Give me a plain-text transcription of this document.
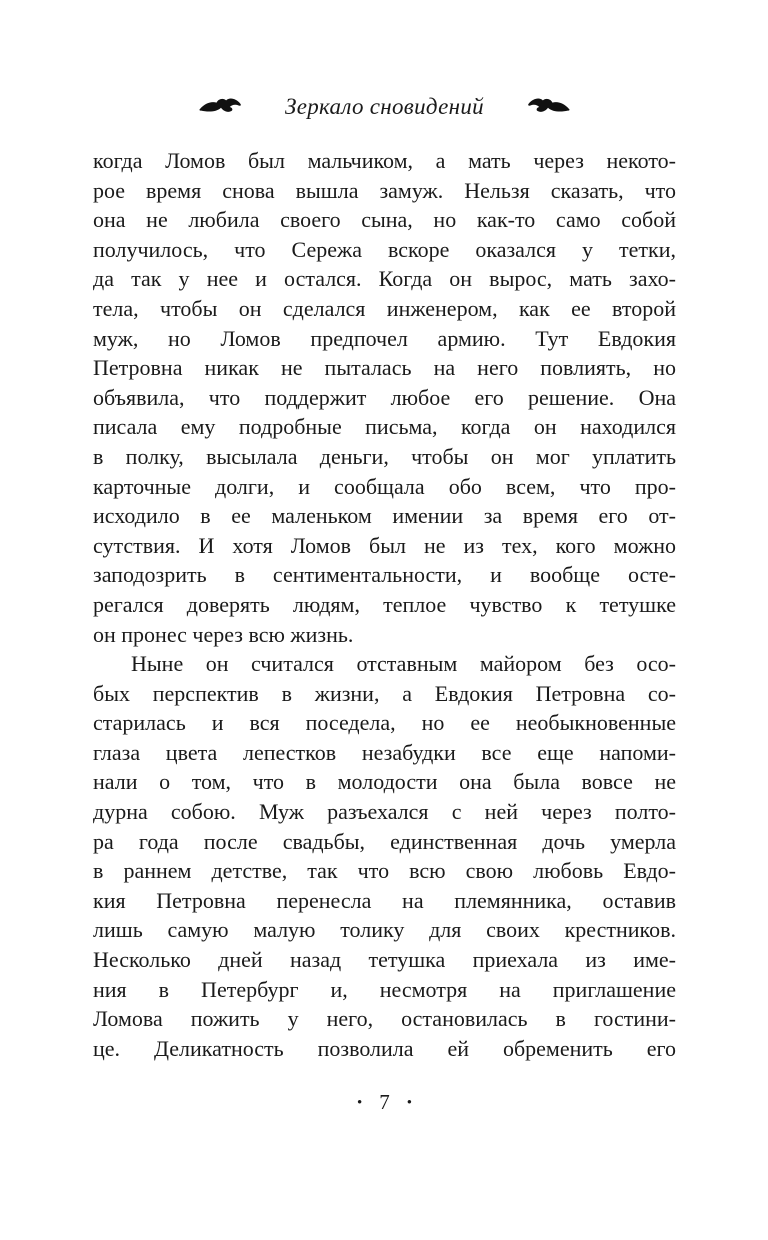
Зеркало сновидений
когда Ломов был мальчиком, а мать через некото-
рое время снова вышла замуж. Нельзя сказать, что
она не любила своего сына, но как-то само собой
получилось, что Сережа вскоре оказался у тетки,
да так у нее и остался. Когда он вырос, мать захо-
тела, чтобы он сделался инженером, как ее второй
муж, но Ломов предпочел армию. Тут Евдокия
Петровна никак не пыталась на него повлиять, но
объявила, что поддержит любое его решение. Она
писала ему подробные письма, когда он находился
в полку, высылала деньги, чтобы он мог уплатить
карточные долги, и сообщала обо всем, что про-
исходило в ее маленьком имении за время его от-
сутствия. И хотя Ломов был не из тех, кого можно
заподозрить в сентиментальности, и вообще осте-
регался доверять людям, теплое чувство к тетушке
он пронес через всю жизнь.
Ныне он считался отставным майором без осо-
бых перспектив в жизни, а Евдокия Петровна со-
старилась и вся поседела, но ее необыкновенные
глаза цвета лепестков незабудки все еще напоми-
нали о том, что в молодости она была вовсе не
дурна собою. Муж разъехался с ней через полто-
ра года после свадьбы, единственная дочь умерла
в раннем детстве, так что всю свою любовь Евдо-
кия Петровна перенесла на племянника, оставив
лишь самую малую толику для своих крестников.
Несколько дней назад тетушка приехала из име-
ния в Петербург и, несмотря на приглашение
Ломова пожить у него, остановилась в гостини-
це. Деликатность позволила ей обременить его
• 7 •
